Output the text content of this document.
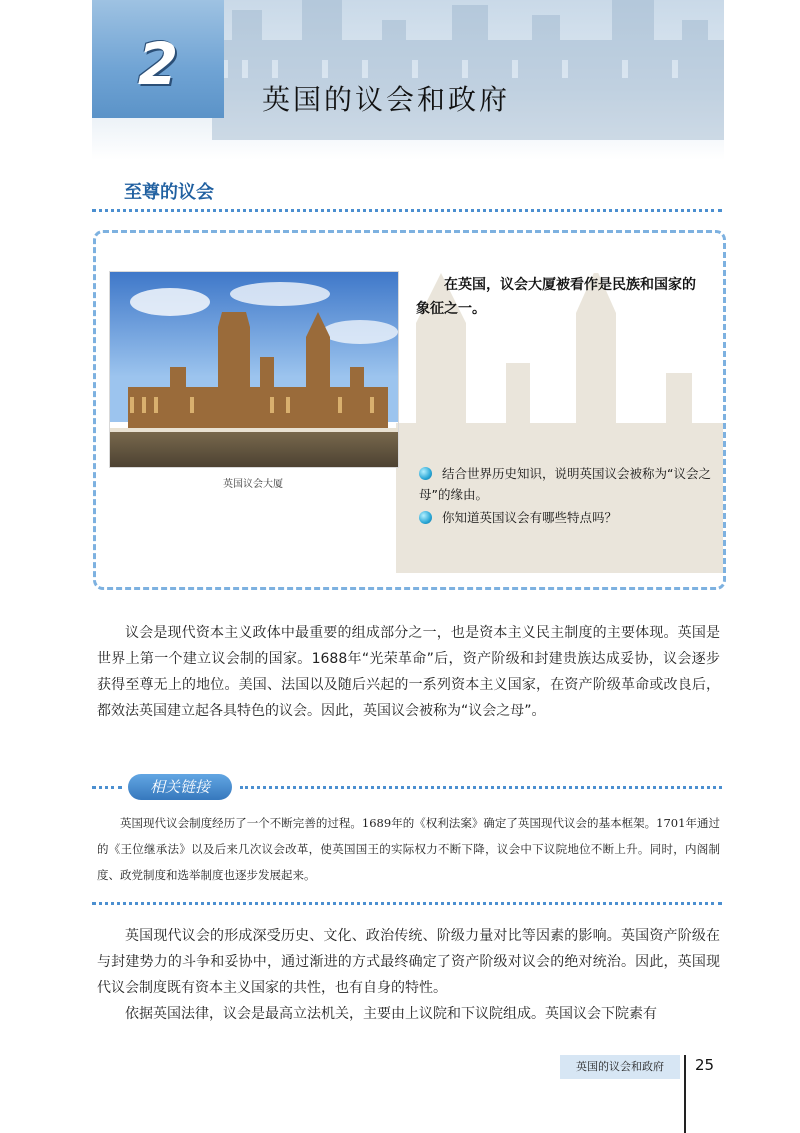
2
英国的议会和政府
至尊的议会
英国议会大厦
在英国，议会大厦被看作是民族和国家的象征之一。
结合世界历史知识，说明英国议会被称为“议会之母”的缘由。
你知道英国议会有哪些特点吗？
议会是现代资本主义政体中最重要的组成部分之一，也是资本主义民主制度的主要体现。英国是世界上第一个建立议会制的国家。1688年“光荣革命”后，资产阶级和封建贵族达成妥协，议会逐步获得至尊无上的地位。美国、法国以及随后兴起的一系列资本主义国家，在资产阶级革命或改良后，都效法英国建立起各具特色的议会。因此，英国议会被称为“议会之母”。
相关链接
英国现代议会制度经历了一个不断完善的过程。1689年的《权利法案》确定了英国现代议会的基本框架。1701年通过的《王位继承法》以及后来几次议会改革，使英国国王的实际权力不断下降，议会中下议院地位不断上升。同时，内阁制度、政党制度和选举制度也逐步发展起来。
英国现代议会的形成深受历史、文化、政治传统、阶级力量对比等因素的影响。英国资产阶级在与封建势力的斗争和妥协中，通过渐进的方式最终确定了资产阶级对议会的绝对统治。因此，英国现代议会制度既有资本主义国家的共性，也有自身的特性。
依据英国法律，议会是最高立法机关，主要由上议院和下议院组成。英国议会下院素有
英国的议会和政府	25
